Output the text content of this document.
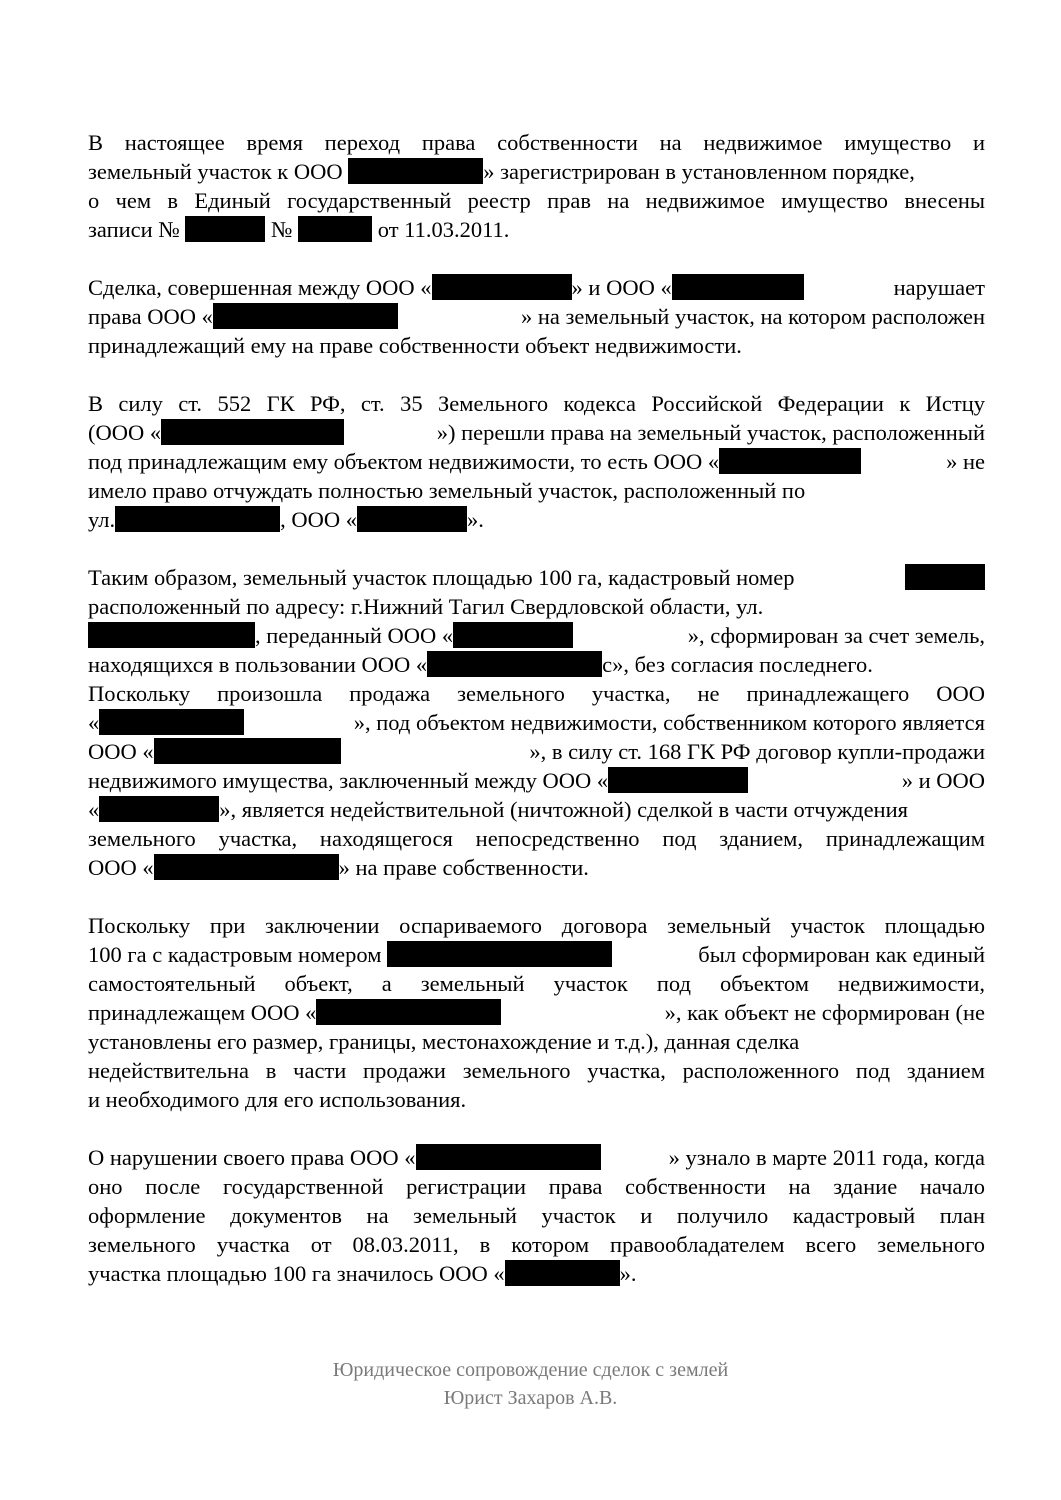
В настоящее время переход права собственности на недвижимое имущество и
земельный участок к ООО	» зарегистрирован в установленном порядке,
о чем в Единый государственный реестр прав на недвижимое имущество внесены
записи №	№	от 11.03.2011.
Сделка, совершенная между ООО «	» и ООО «	нарушает
права ООО «	» на земельный участок, на котором расположен
принадлежащий ему на праве собственности объект недвижимости.
В силу ст. 552 ГК РФ, ст. 35 Земельного кодекса Российской Федерации к Истцу
(ООО «	») перешли права на земельный участок, расположенный
под принадлежащим ему объектом недвижимости, то есть ООО «	» не
имело право отчуждать полностью земельный участок, расположенный по
ул.	, ООО «	».
Таким образом, земельный участок площадью 100 га, кадастровый номер
расположенный по адресу: г.Нижний Тагил Свердловской области, ул.
, переданный ООО «	», сформирован за счет земель,
находящихся в пользовании ООО «	с», без согласия последнего.
Поскольку произошла продажа земельного участка, не принадлежащего ООО
«	», под объектом недвижимости, собственником которого является
ООО «	», в силу ст. 168 ГК РФ договор купли-продажи
недвижимого имущества, заключенный между ООО «	» и ООО
«	», является недействительной (ничтожной) сделкой в части отчуждения
земельного участка, находящегося непосредственно под зданием, принадлежащим
ООО «	» на праве собственности.
Поскольку при заключении оспариваемого договора земельный участок площадью
100 га с кадастровым номером	был сформирован как единый
самостоятельный объект, а земельный участок под объектом недвижимости,
принадлежащем ООО «	», как объект не сформирован (не
установлены его размер, границы, местонахождение и т.д.), данная сделка
недействительна в части продажи земельного участка, расположенного под зданием
и необходимого для его использования.
О нарушении своего права ООО «	» узнало в марте 2011 года, когда
оно после государственной регистрации права собственности на здание начало
оформление документов на земельный участок и получило кадастровый план
земельного участка от 08.03.2011, в котором правообладателем всего земельного
участка площадью 100 га значилось ООО «	».
Юридическое сопровождение сделок с землей
Юрист Захаров А.В.
